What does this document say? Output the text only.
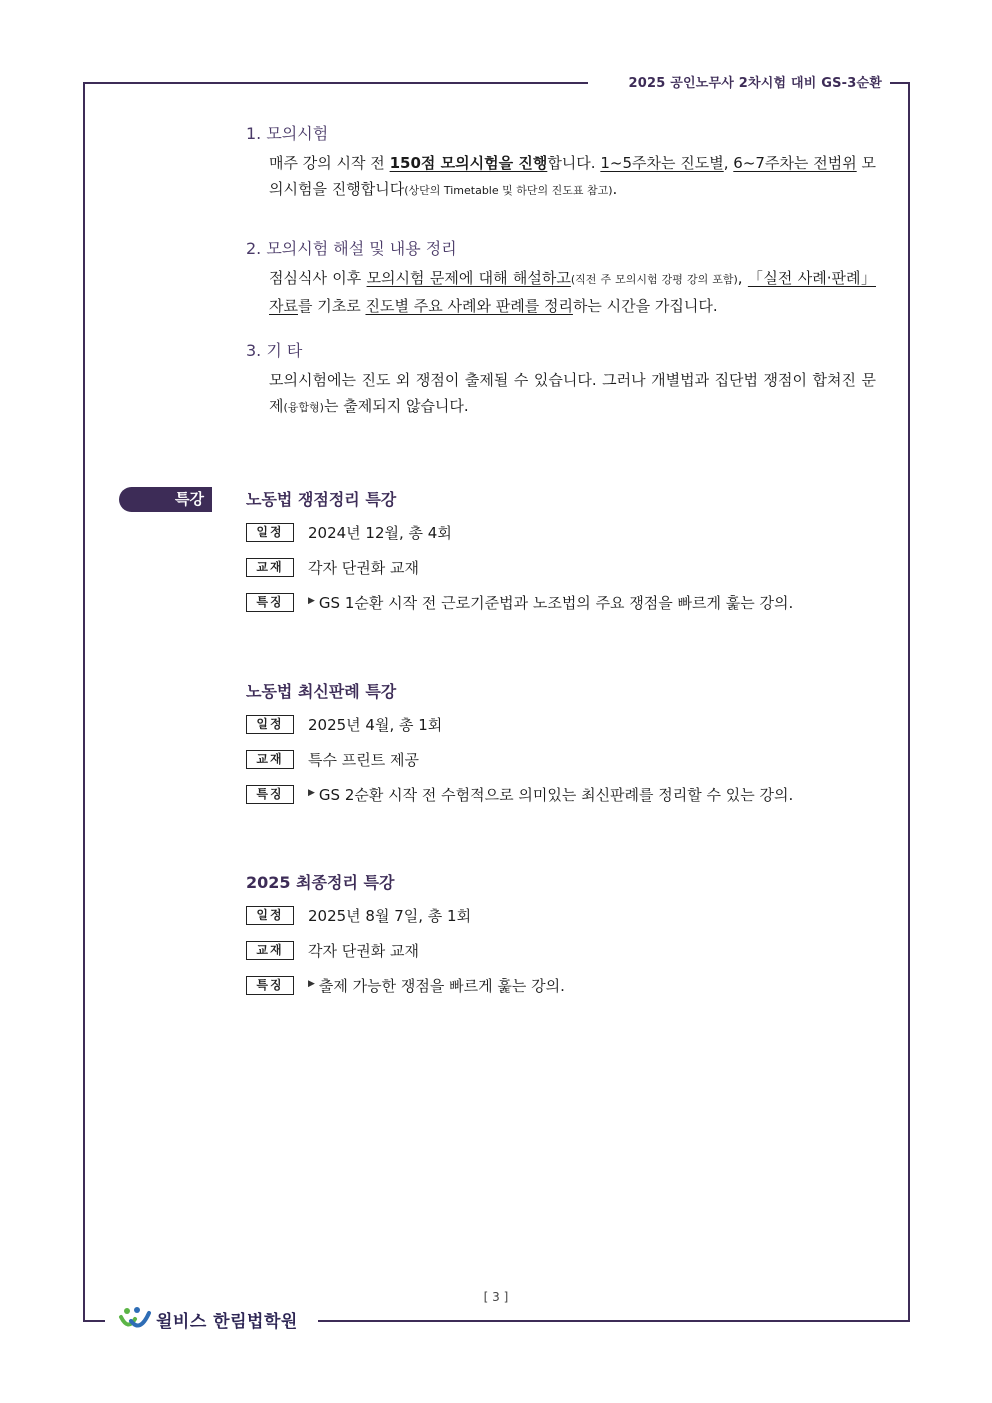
2025 공인노무사 2차시험 대비 GS-3순환

1. 모의시험

매주 강의 시작 전 150점 모의시험을 진행합니다. 1~5주차는 진도별, 6~7주차는 전범위 모의시험을 진행합니다(상단의 Timetable 및 하단의 진도표 참고).

2. 모의시험 해설 및 내용 정리

점심식사 이후 모의시험 문제에 대해 해설하고(직전 주 모의시험 강평 강의 포함), 「실전 사례·판례」 자료를 기초로 진도별 주요 사례와 판례를 정리하는 시간을 가집니다.

3. 기 타

모의시험에는 진도 외 쟁점이 출제될 수 있습니다. 그러나 개별법과 집단법 쟁점이 합쳐진 문제(융합형)는 출제되지 않습니다.

특강	노동법 쟁점정리 특강

일정	2024년 12월, 총 4회
교재	각자 단권화 교재
특징	▶ GS 1순환 시작 전 근로기준법과 노조법의 주요 쟁점을 빠르게 훑는 강의.

노동법 최신판례 특강

일정	2025년 4월, 총 1회
교재	특수 프린트 제공
특징	▶ GS 2순환 시작 전 수험적으로 의미있는 최신판례를 정리할 수 있는 강의.

2025 최종정리 특강

일정	2025년 8월 7일, 총 1회
교재	각자 단권화 교재
특징	▶ 출제 가능한 쟁점을 빠르게 훑는 강의.
[ 3 ]
윌비스 한림법학원
